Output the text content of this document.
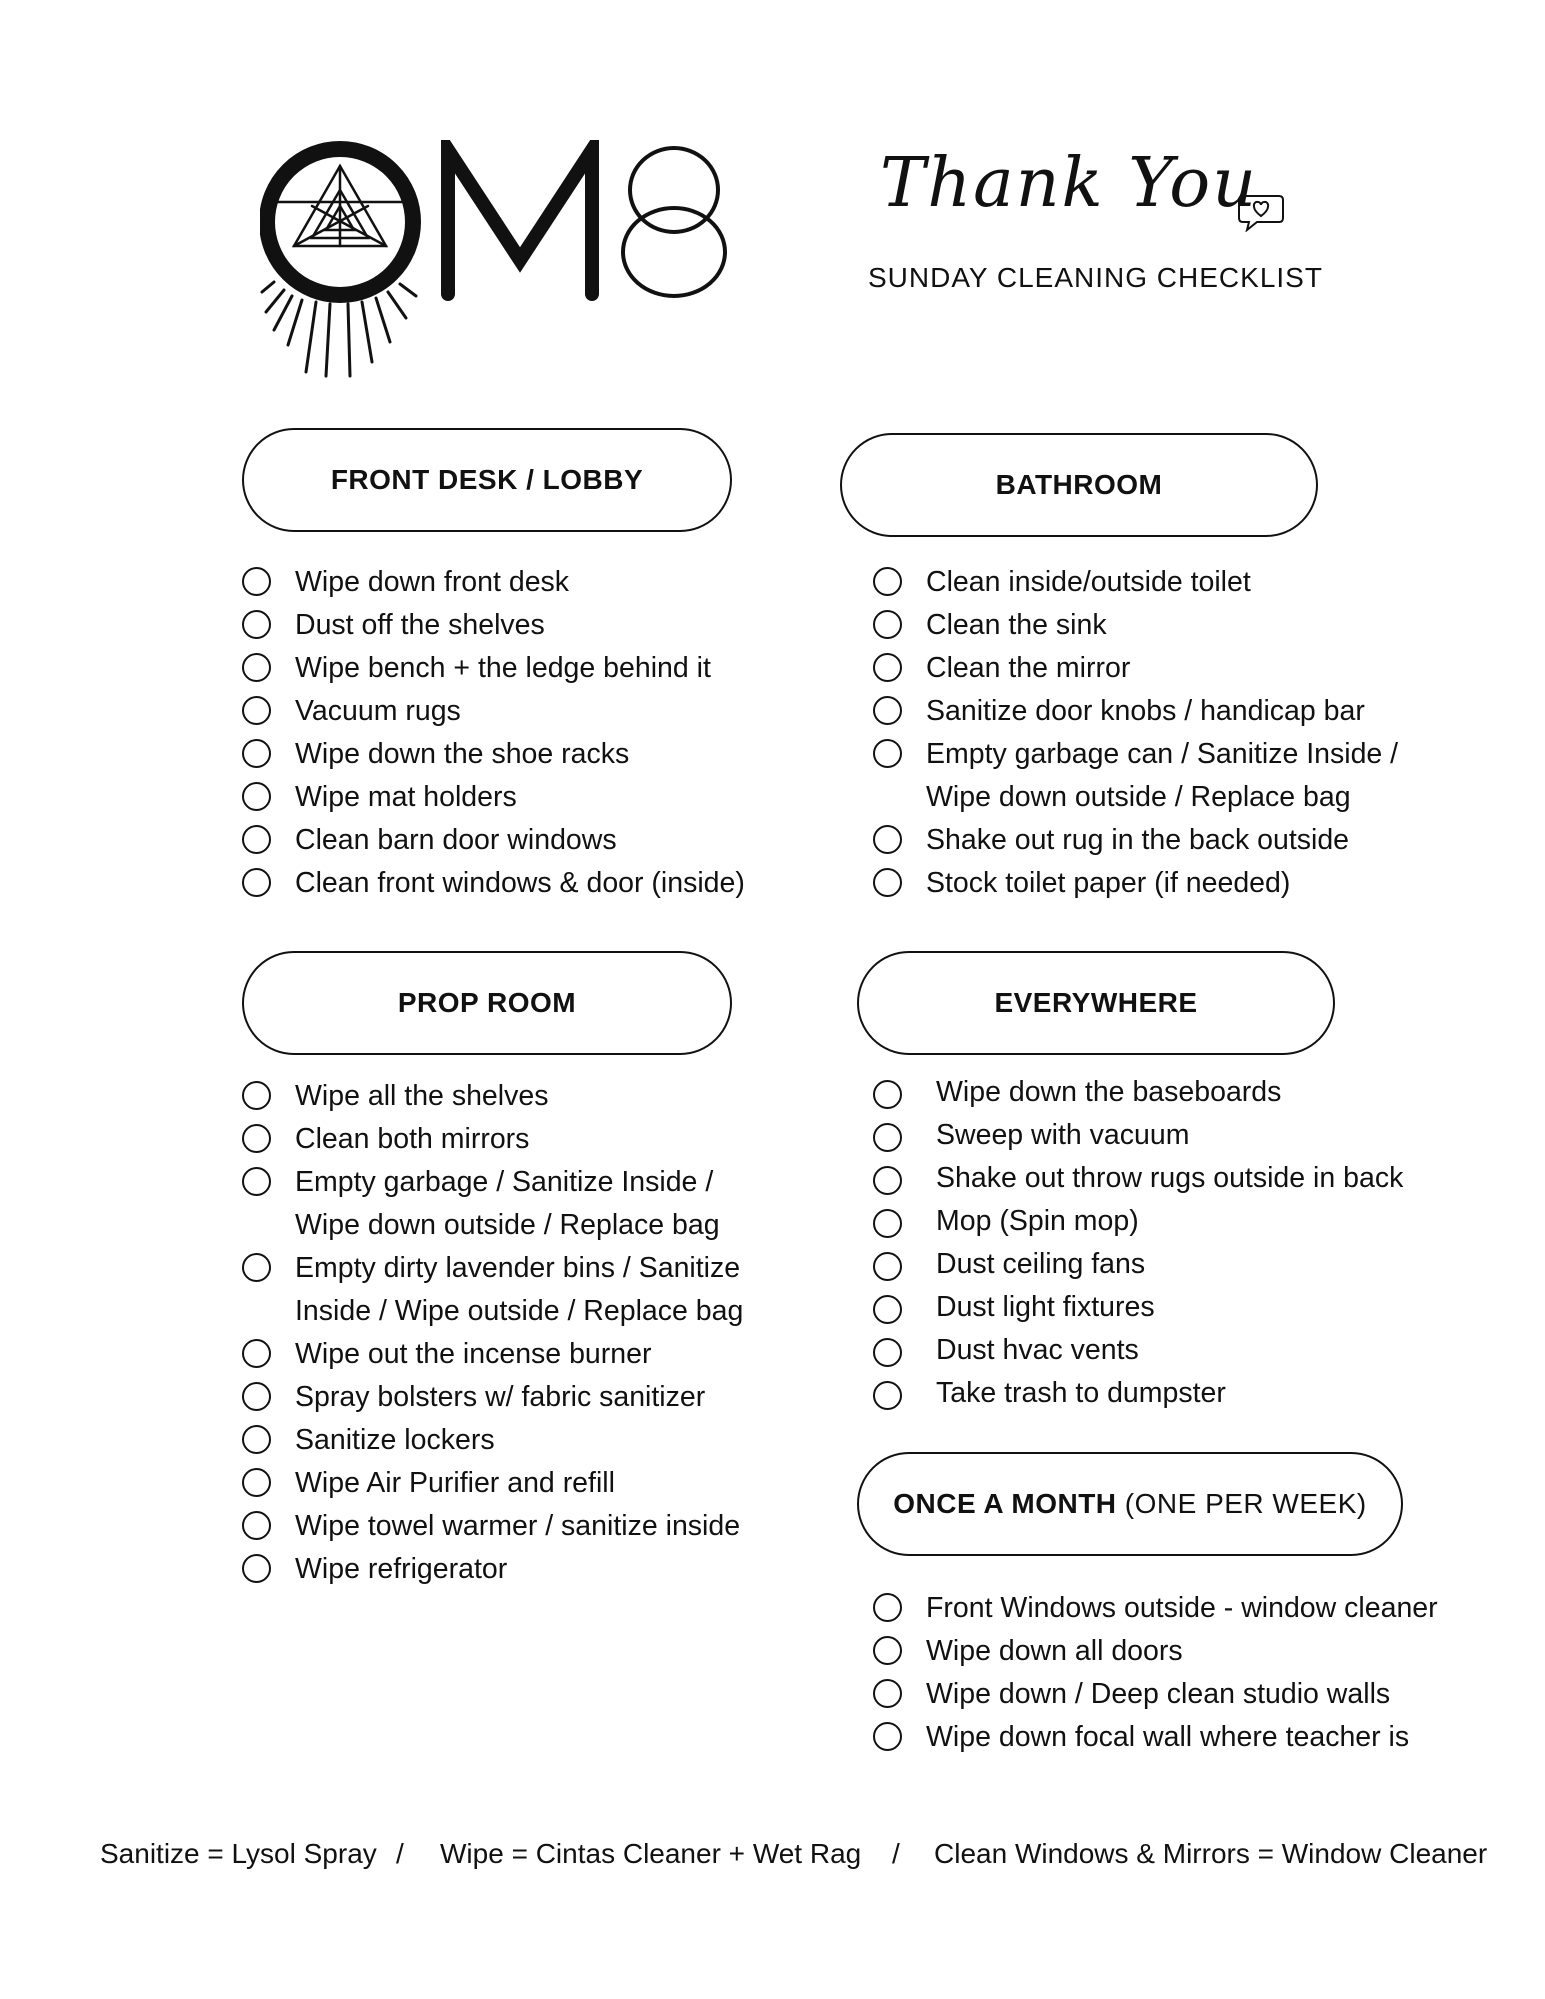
Thank You
SUNDAY CLEANING CHECKLIST
FRONT DESK / LOBBY
Wipe down front desk
Dust off the shelves
Wipe bench + the ledge behind it
Vacuum rugs
Wipe down the shoe racks
Wipe mat holders
Clean barn door windows
Clean front windows & door (inside)
BATHROOM
Clean inside/outside toilet
Clean the sink
Clean the mirror
Sanitize door knobs / handicap bar
Empty garbage can / Sanitize Inside /
Wipe down outside / Replace bag
Shake out rug in the back outside
Stock toilet paper (if needed)
PROP ROOM
Wipe all the shelves
Clean both mirrors
Empty garbage / Sanitize Inside /
Wipe down outside / Replace bag
Empty dirty lavender bins / Sanitize
Inside / Wipe outside / Replace bag
Wipe out the incense burner
Spray bolsters w/ fabric sanitizer
Sanitize lockers
Wipe Air Purifier and refill
Wipe towel warmer / sanitize inside
Wipe refrigerator
EVERYWHERE
Wipe down the baseboards
Sweep with vacuum
Shake out throw rugs outside in back
Mop (Spin mop)
Dust ceiling fans
Dust light fixtures
Dust hvac vents
Take trash to dumpster
ONCE A MONTH
(ONE PER WEEK)
Front Windows outside - window cleaner
Wipe down all doors
Wipe down / Deep clean studio walls
Wipe down focal wall where teacher is
Sanitize = Lysol Spray / Wipe = Cintas Cleaner + Wet Rag / Clean Windows & Mirrors = Window Cleaner
